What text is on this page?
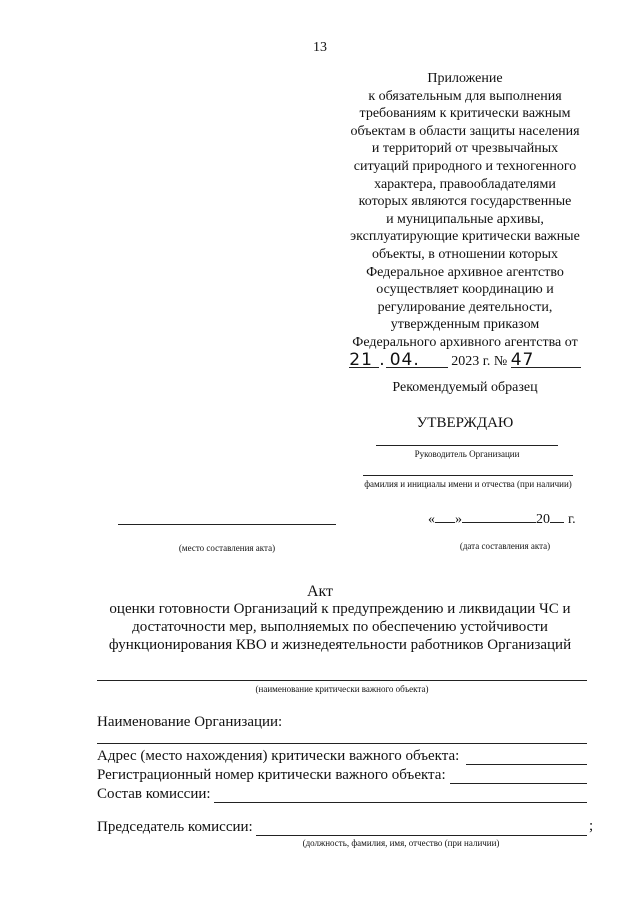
13
Приложение
к обязательным для выполнения
требованиям к критически важным
объектам в области защиты населения
и территорий от чрезвычайных
ситуаций природного и техногенного
характера, правообладателями
которых являются государственные
и муниципальные архивы,
эксплуатирующие критически важные
объекты, в отношении которых
Федеральное архивное агентство
осуществляет координацию и
регулирование деятельности,
утвержденным приказом
Федерального архивного агентства от
21 . 04. 2023 г. № 47
Рекомендуемый образец
УТВЕРЖДАЮ
Руководитель Организации
фамилия и инициалы имени и отчества (при наличии)
(место составления акта)
« »	20 г.
(дата составления акта)
Акт
оценки готовности Организаций к предупреждению и ликвидации ЧС и
достаточности мер, выполняемых по обеспечению устойчивости
функционирования КВО и жизнедеятельности работников Организаций
(наименование критически важного объекта)
Наименование Организации:
Адрес (место нахождения) критически важного объекта:
Регистрационный номер критически важного объекта:
Состав комиссии:
Председатель комиссии:	;
(должность, фамилия, имя, отчество (при наличии)
